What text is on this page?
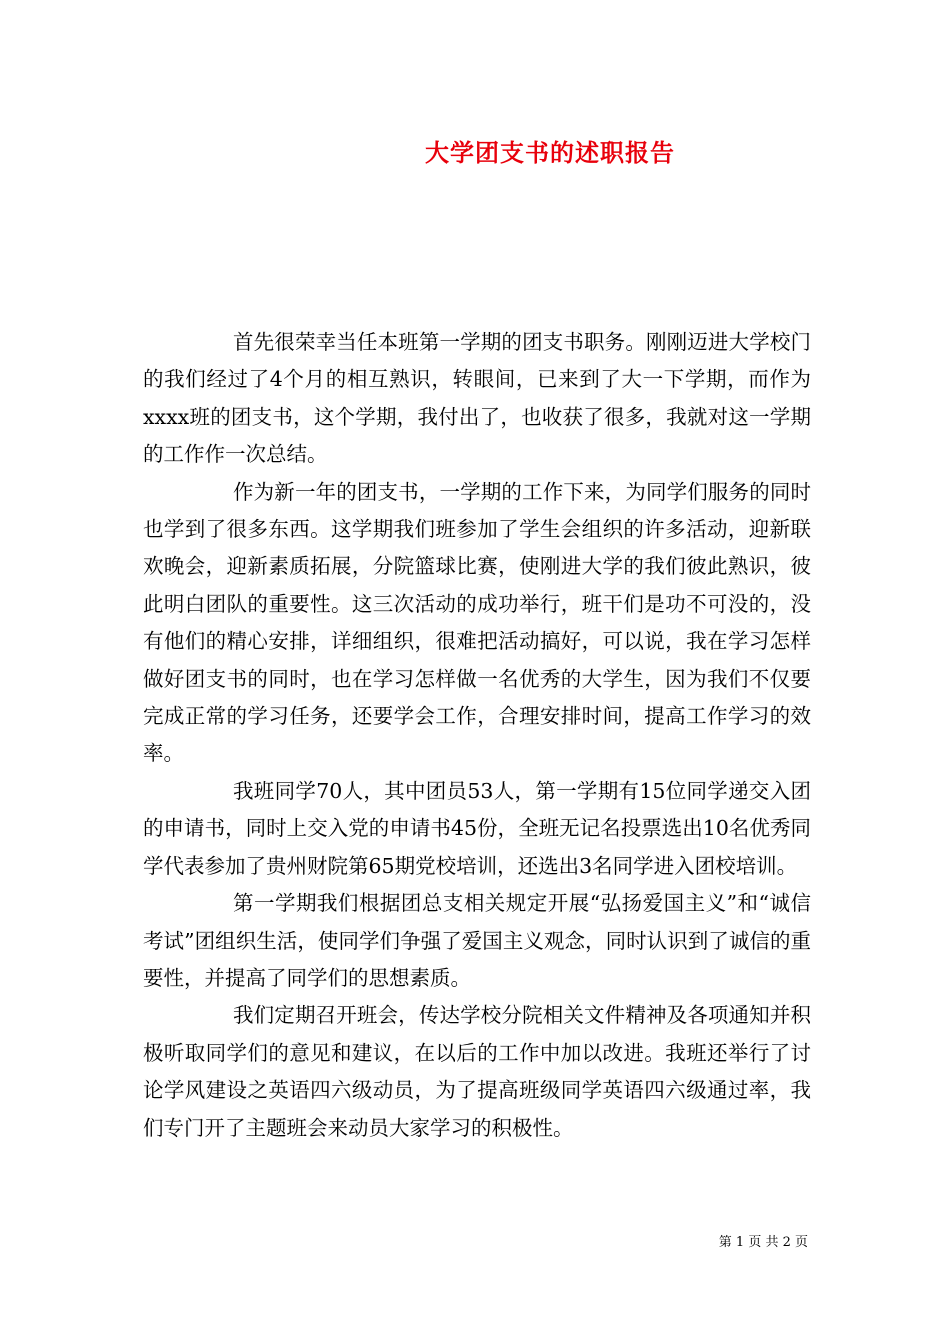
大学团支书的述职报告

首先很荣幸当任本班第一学期的团支书职务。刚刚迈进大学校门的我们经过了4个月的相互熟识，转眼间，已来到了大一下学期，而作为xxxx班的团支书，这个学期，我付出了，也收获了很多，我就对这一学期的工作作一次总结。

作为新一年的团支书，一学期的工作下来，为同学们服务的同时也学到了很多东西。这学期我们班参加了学生会组织的许多活动，迎新联欢晚会，迎新素质拓展，分院篮球比赛，使刚进大学的我们彼此熟识，彼此明白团队的重要性。这三次活动的成功举行，班干们是功不可没的，没有他们的精心安排，详细组织，很难把活动搞好，可以说，我在学习怎样做好团支书的同时，也在学习怎样做一名优秀的大学生，因为我们不仅要完成正常的学习任务，还要学会工作，合理安排时间，提高工作学习的效率。

我班同学70人，其中团员53人，第一学期有15位同学递交入团的申请书，同时上交入党的申请书45份，全班无记名投票选出10名优秀同学代表参加了贵州财院第65期党校培训，还选出3名同学进入团校培训。

第一学期我们根据团总支相关规定开展“弘扬爱国主义”和“诚信考试”团组织生活，使同学们争强了爱国主义观念，同时认识到了诚信的重要性，并提高了同学们的思想素质。

我们定期召开班会，传达学校分院相关文件精神及各项通知并积极听取同学们的意见和建议，在以后的工作中加以改进。我班还举行了讨论学风建设之英语四六级动员，为了提高班级同学英语四六级通过率，我们专门开了主题班会来动员大家学习的积极性。

第 1 页 共 2 页
